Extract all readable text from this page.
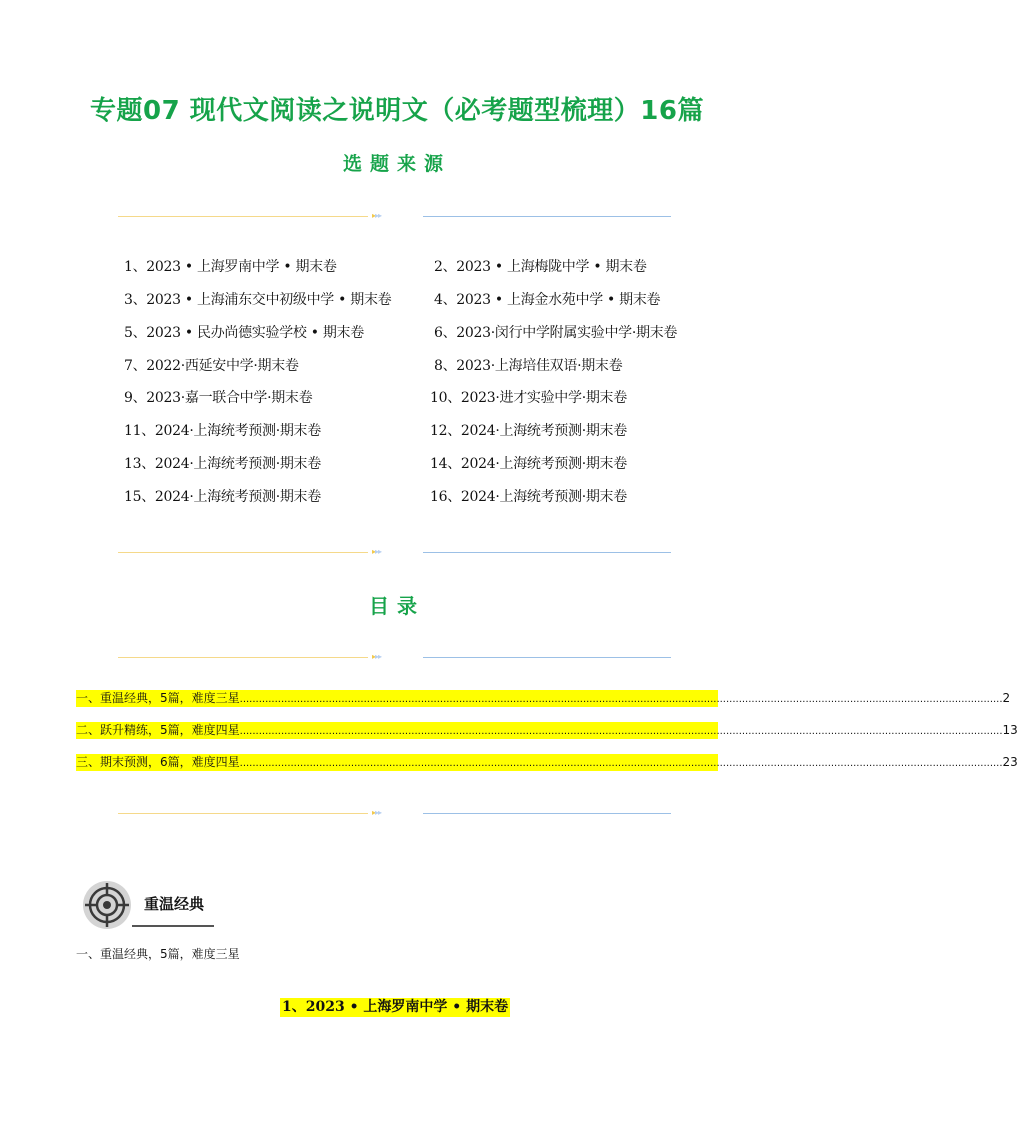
专题07 现代文阅读之说明文（必考题型梳理）16篇
选题来源
▸▸▸
1、2023 • 上海罗南中学 • 期末卷	2、2023 • 上海梅陇中学 • 期末卷
3、2023 • 上海浦东交中初级中学 • 期末卷	4、2023 • 上海金水苑中学 • 期末卷
5、2023 • 民办尚德实验学校 • 期末卷	6、2023·闵行中学附属实验中学·期末卷
7、2022·西延安中学·期末卷	8、2023·上海培佳双语·期末卷
9、2023·嘉一联合中学·期末卷	10、2023·进才实验中学·期末卷
11、2024·上海统考预测·期末卷	12、2024·上海统考预测·期末卷
13、2024·上海统考预测·期末卷	14、2024·上海统考预测·期末卷
15、2024·上海统考预测·期末卷	16、2024·上海统考预测·期末卷
▸▸▸
目录
▸▸▸
一、重温经典，5篇，难度三星 ................................................................................................................................................................................................................................................ 2
二、跃升精练，5篇，难度四星 ................................................................................................................................................................................................................................................ 13
三、期末预测，6篇，难度四星 ................................................................................................................................................................................................................................................ 23
▸▸▸
重温经典
一、重温经典，5篇，难度三星
1、2023 • 上海罗南中学 • 期末卷
